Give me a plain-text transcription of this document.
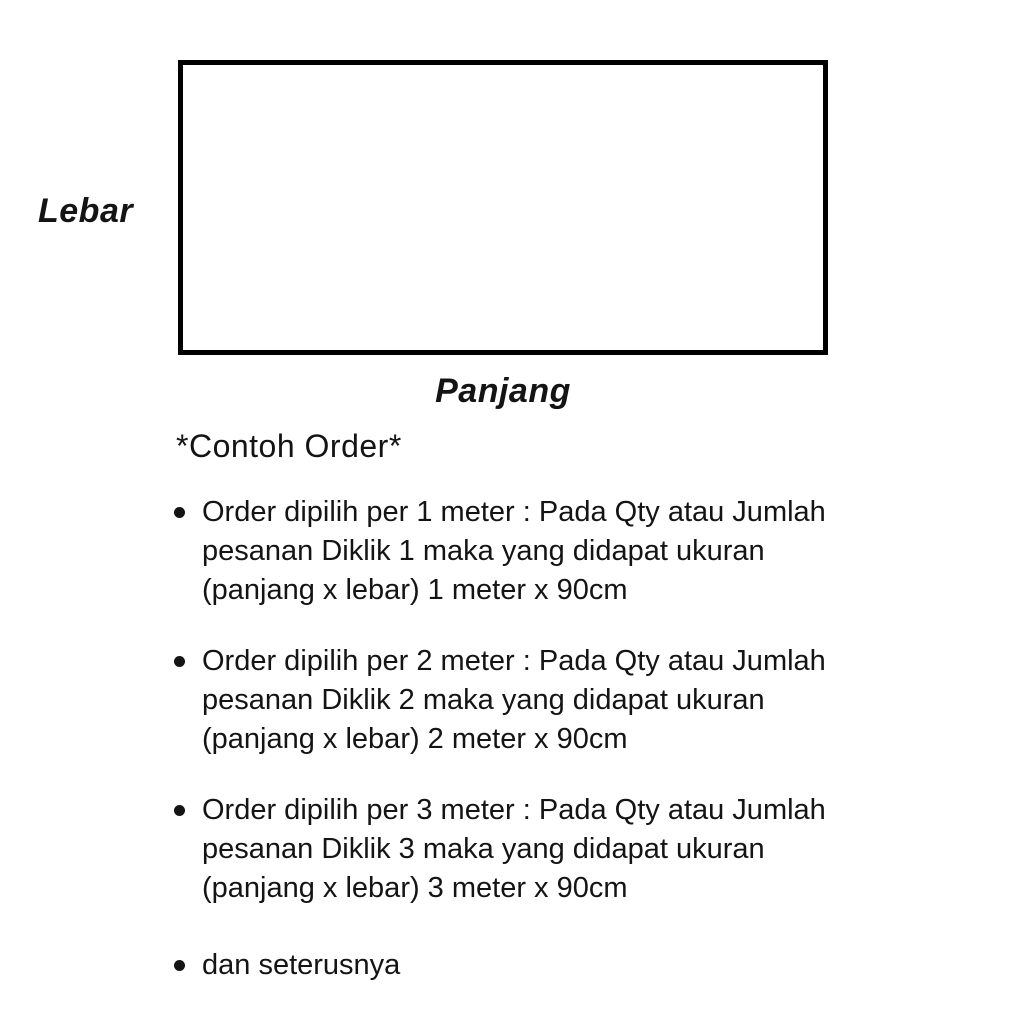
Lebar
Panjang
*Contoh Order*
Order dipilih per 1 meter : Pada Qty atau Jumlah
pesanan Diklik 1 maka yang didapat ukuran
(panjang x lebar) 1 meter x 90cm
Order dipilih per 2 meter : Pada Qty atau Jumlah
pesanan Diklik 2 maka yang didapat ukuran
(panjang x lebar) 2 meter x 90cm
Order dipilih per 3 meter : Pada Qty atau Jumlah
pesanan Diklik 3 maka yang didapat ukuran
(panjang x lebar) 3 meter x 90cm
dan seterusnya
